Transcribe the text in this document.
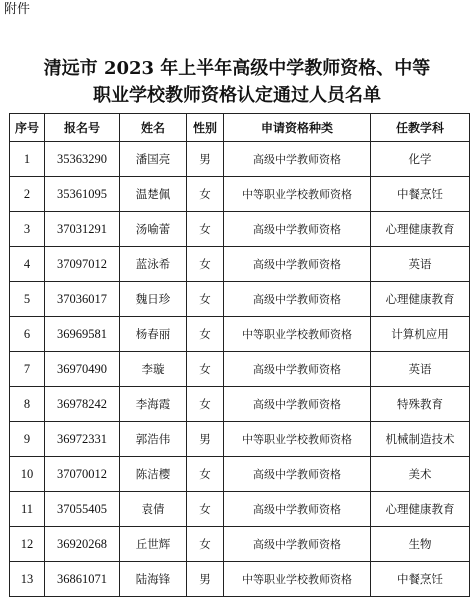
附件
清远市 2023 年上半年高级中学教师资格、中等
职业学校教师资格认定通过人员名单
序号	报名号	姓名	性别	申请资格种类	任教学科
1	35363290	潘国亮	男	高级中学教师资格	化学
2	35361095	温楚佩	女	中等职业学校教师资格	中餐烹饪
3	37031291	汤喻蕾	女	高级中学教师资格	心理健康教育
4	37097012	蓝泳希	女	高级中学教师资格	英语
5	37036017	魏日珍	女	高级中学教师资格	心理健康教育
6	36969581	杨春丽	女	中等职业学校教师资格	计算机应用
7	36970490	李璇	女	高级中学教师资格	英语
8	36978242	李海霞	女	高级中学教师资格	特殊教育
9	36972331	郭浩伟	男	中等职业学校教师资格	机械制造技术
10	37070012	陈洁樱	女	高级中学教师资格	美术
11	37055405	袁倩	女	高级中学教师资格	心理健康教育
12	36920268	丘世辉	女	高级中学教师资格	生物
13	36861071	陆海锋	男	中等职业学校教师资格	中餐烹饪
